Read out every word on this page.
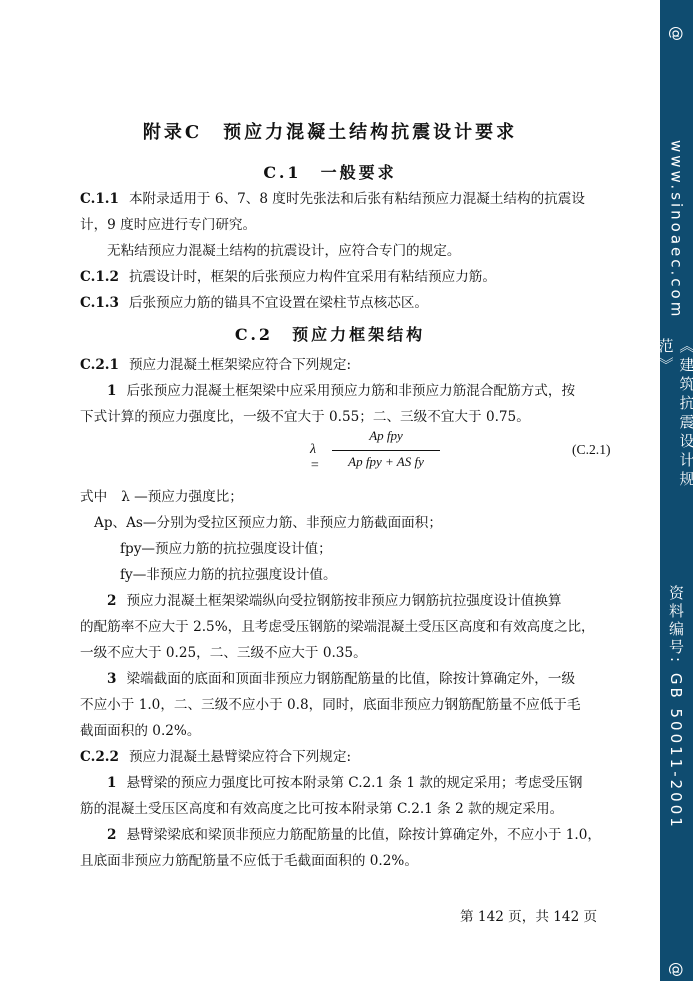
@
www.sinoaec.com
《建筑抗震设计规范》
资料编号: GB 50011-2001
@
附录C　预应力混凝土结构抗震设计要求
C.1　一般要求
C.1.1 本附录适用于 6、7、8 度时先张法和后张有粘结预应力混凝土结构的抗震设
计，9 度时应进行专门研究。
无粘结预应力混凝土结构的抗震设计，应符合专门的规定。
C.1.2 抗震设计时，框架的后张预应力构件宜采用有粘结预应力筋。
C.1.3 后张预应力筋的锚具不宜设置在梁柱节点核芯区。
C.2　预应力框架结构
C.2.1 预应力混凝土框架梁应符合下列规定:
1 后张预应力混凝土框架梁中应采用预应力筋和非预应力筋混合配筋方式，按
下式计算的预应力强度比，一级不宜大于 0.55；二、三级不宜大于 0.75。
λ =
Ap fpy
Ap fpy + AS fy
(C.2.1)
式中 λ —预应力强度比；
Ap、As—分别为受拉区预应力筋、非预应力筋截面面积；
fpy—预应力筋的抗拉强度设计值；
fy—非预应力筋的抗拉强度设计值。
2 预应力混凝土框架梁端纵向受拉钢筋按非预应力钢筋抗拉强度设计值换算
的配筋率不应大于 2.5%，且考虑受压钢筋的梁端混凝土受压区高度和有效高度之比，
一级不应大于 0.25，二、三级不应大于 0.35。
3 梁端截面的底面和顶面非预应力钢筋配筋量的比值，除按计算确定外，一级
不应小于 1.0，二、三级不应小于 0.8，同时，底面非预应力钢筋配筋量不应低于毛
截面面积的 0.2%。
C.2.2 预应力混凝土悬臂梁应符合下列规定:
1 悬臂梁的预应力强度比可按本附录第 C.2.1 条 1 款的规定采用；考虑受压钢
筋的混凝土受压区高度和有效高度之比可按本附录第 C.2.1 条 2 款的规定采用。
2 悬臂梁梁底和梁顶非预应力筋配筋量的比值，除按计算确定外，不应小于 1.0，
且底面非预应力筋配筋量不应低于毛截面面积的 0.2%。
第 142 页，共 142 页
